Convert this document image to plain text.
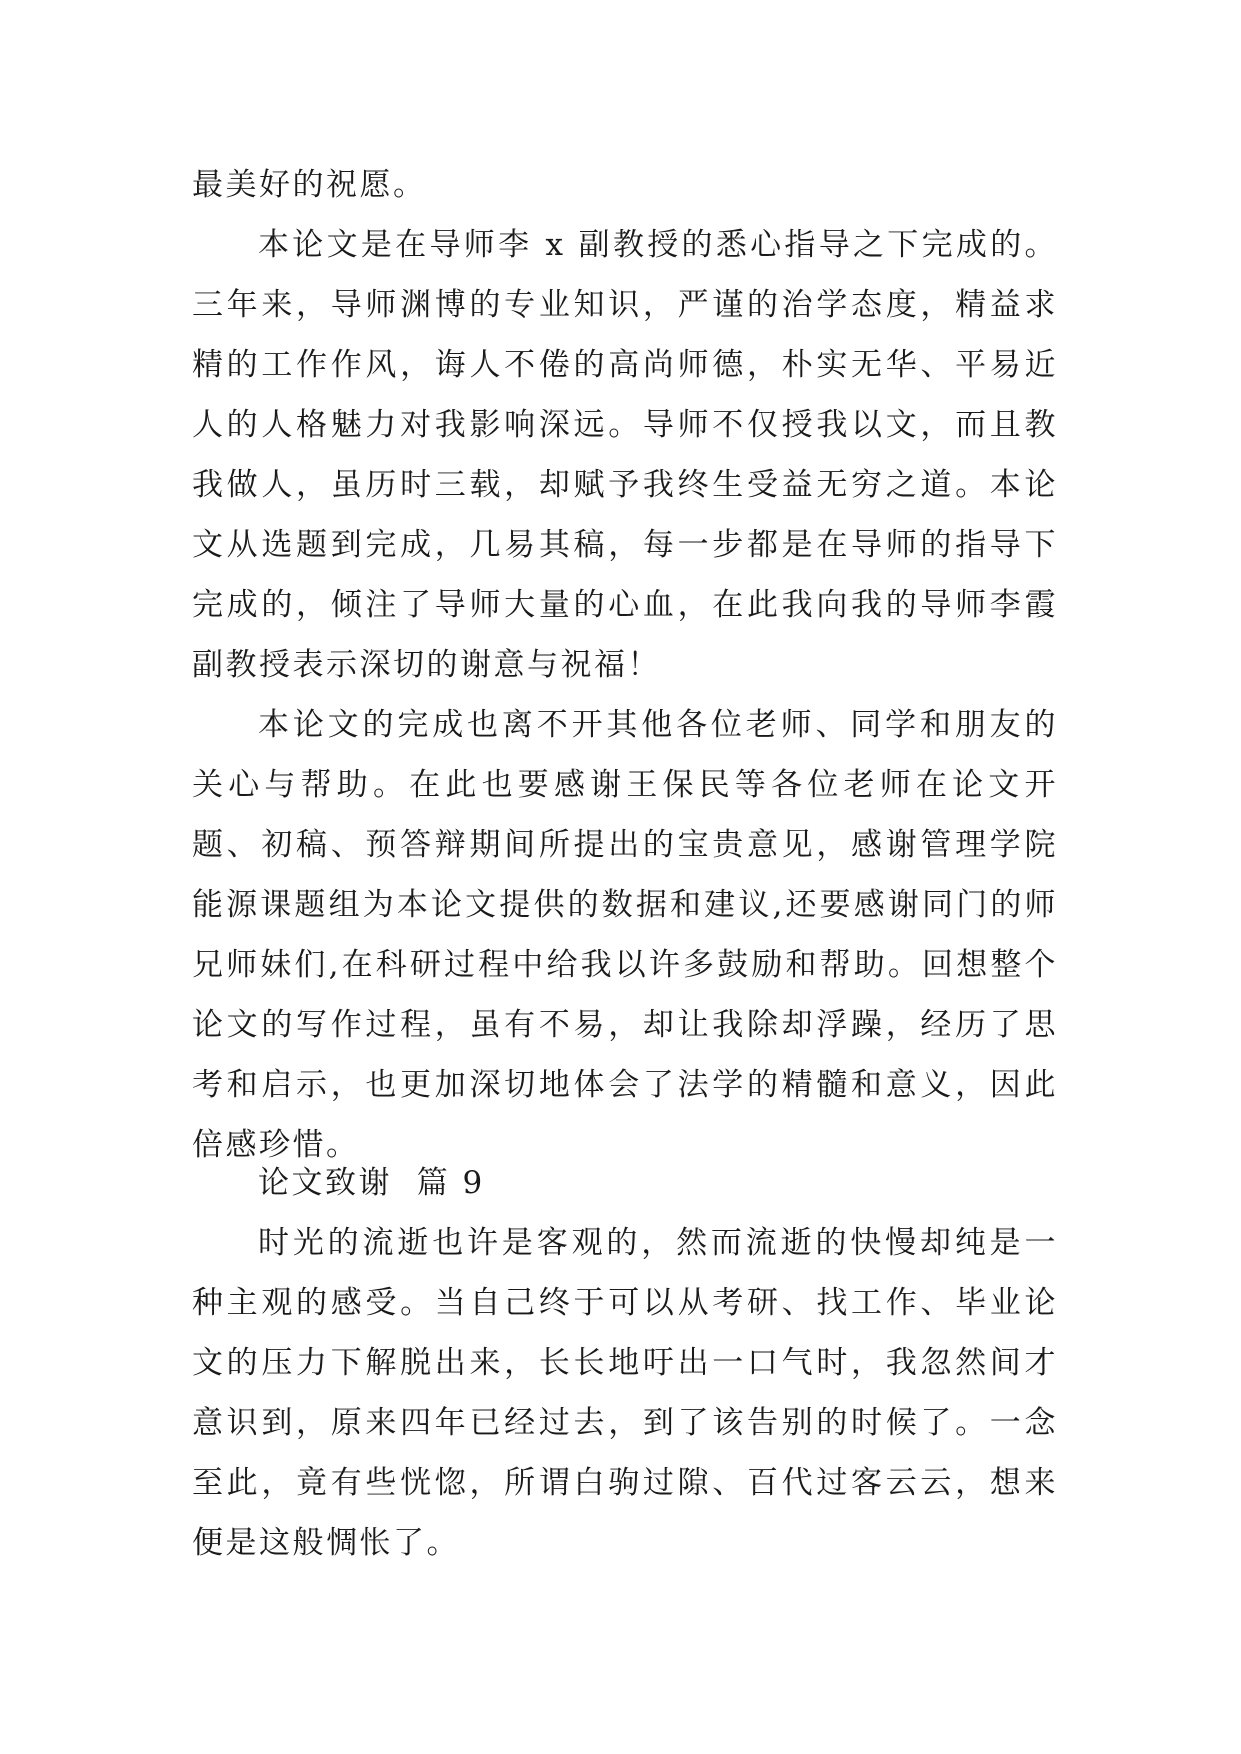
最美好的祝愿。

本论文是在导师李 x 副教授的悉心指导之下完成的。三年来，导师渊博的专业知识，严谨的治学态度，精益求精的工作作风，诲人不倦的高尚师德，朴实无华、平易近人的人格魅力对我影响深远。导师不仅授我以文，而且教我做人，虽历时三载，却赋予我终生受益无穷之道。本论文从选题到完成，几易其稿，每一步都是在导师的指导下完成的，倾注了导师大量的心血，在此我向我的导师李霞副教授表示深切的谢意与祝福！

本论文的完成也离不开其他各位老师、同学和朋友的关心与帮助。在此也要感谢王保民等各位老师在论文开题、初稿、预答辩期间所提出的宝贵意见，感谢管理学院能源课题组为本论文提供的数据和建议,还要感谢同门的师兄师妹们,在科研过程中给我以许多鼓励和帮助。回想整个论文的写作过程，虽有不易，却让我除却浮躁，经历了思考和启示，也更加深切地体会了法学的精髓和意义，因此倍感珍惜。

论文致谢  篇 9

时光的流逝也许是客观的，然而流逝的快慢却纯是一种主观的感受。当自己终于可以从考研、找工作、毕业论文的压力下解脱出来，长长地吁出一口气时，我忽然间才意识到，原来四年已经过去，到了该告别的时候了。一念至此，竟有些恍惚，所谓白驹过隙、百代过客云云，想来便是这般惆怅了。
